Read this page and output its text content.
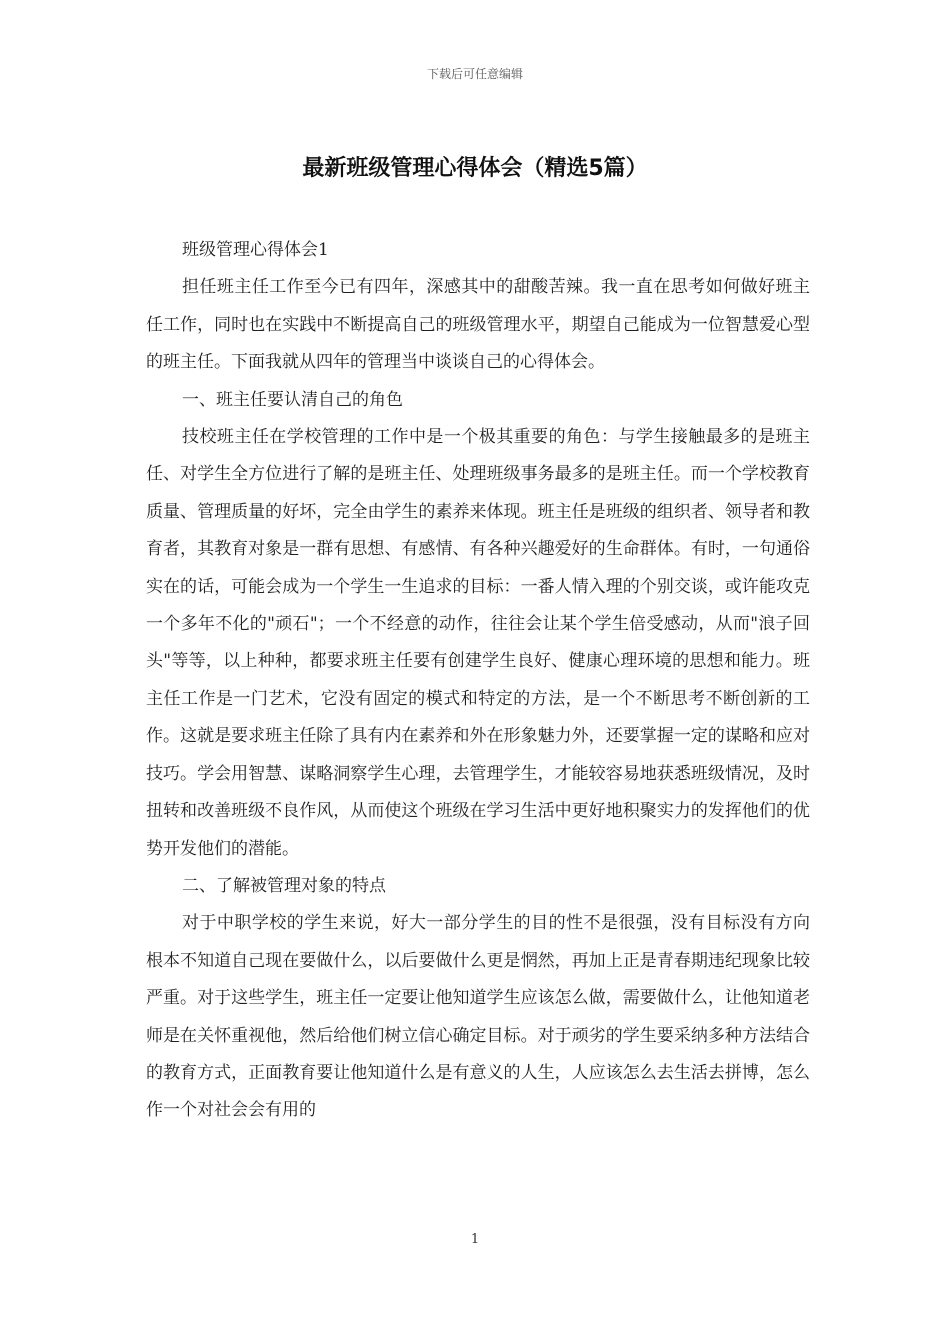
下载后可任意编辑
最新班级管理心得体会（精选5篇）

班级管理心得体会1

担任班主任工作至今已有四年，深感其中的甜酸苦辣。我一直在思考如何做好班主任工作，同时也在实践中不断提高自己的班级管理水平，期望自己能成为一位智慧爱心型的班主任。下面我就从四年的管理当中谈谈自己的心得体会。

一、班主任要认清自己的角色

技校班主任在学校管理的工作中是一个极其重要的角色：与学生接触最多的是班主任、对学生全方位进行了解的是班主任、处理班级事务最多的是班主任。而一个学校教育质量、管理质量的好坏，完全由学生的素养来体现。班主任是班级的组织者、领导者和教育者，其教育对象是一群有思想、有感情、有各种兴趣爱好的生命群体。有时，一句通俗实在的话，可能会成为一个学生一生追求的目标：一番人情入理的个别交谈，或许能攻克一个多年不化的"顽石"；一个不经意的动作，往往会让某个学生倍受感动，从而"浪子回头"等等，以上种种，都要求班主任要有创建学生良好、健康心理环境的思想和能力。班主任工作是一门艺术，它没有固定的模式和特定的方法，是一个不断思考不断创新的工作。这就是要求班主任除了具有内在素养和外在形象魅力外，还要掌握一定的谋略和应对技巧。学会用智慧、谋略洞察学生心理，去管理学生，才能较容易地获悉班级情况，及时扭转和改善班级不良作风，从而使这个班级在学习生活中更好地积聚实力的发挥他们的优势开发他们的潜能。

二、了解被管理对象的特点

对于中职学校的学生来说，好大一部分学生的目的性不是很强，没有目标没有方向根本不知道自己现在要做什么，以后要做什么更是惘然，再加上正是青春期违纪现象比较严重。对于这些学生，班主任一定要让他知道学生应该怎么做，需要做什么，让他知道老师是在关怀重视他，然后给他们树立信心确定目标。对于顽劣的学生要采纳多种方法结合的教育方式，正面教育要让他知道什么是有意义的人生，人应该怎么去生活去拼博，怎么作一个对社会会有用的

1
